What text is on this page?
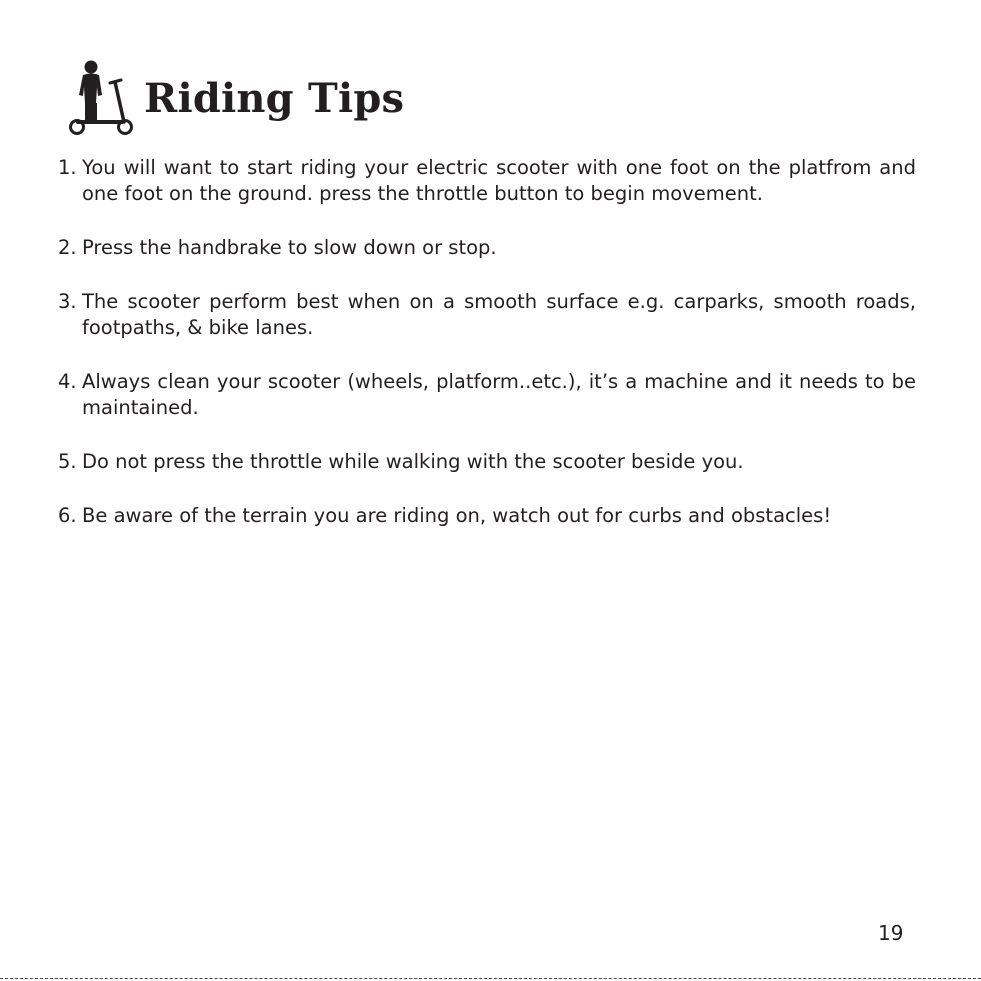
Riding Tips
1. You will want to start riding your electric scooter with one foot on the platfrom and one foot on the ground. press the throttle button to begin movement.
2. Press the handbrake to slow down or stop.
3. The scooter perform best when on a smooth surface e.g. carparks, smooth roads, footpaths, & bike lanes.
4. Always clean your scooter (wheels, platform..etc.), it’s a machine and it needs to be maintained.
5. Do not press the throttle while walking with the scooter beside you.
6. Be aware of the terrain you are riding on, watch out for curbs and obstacles!
19
